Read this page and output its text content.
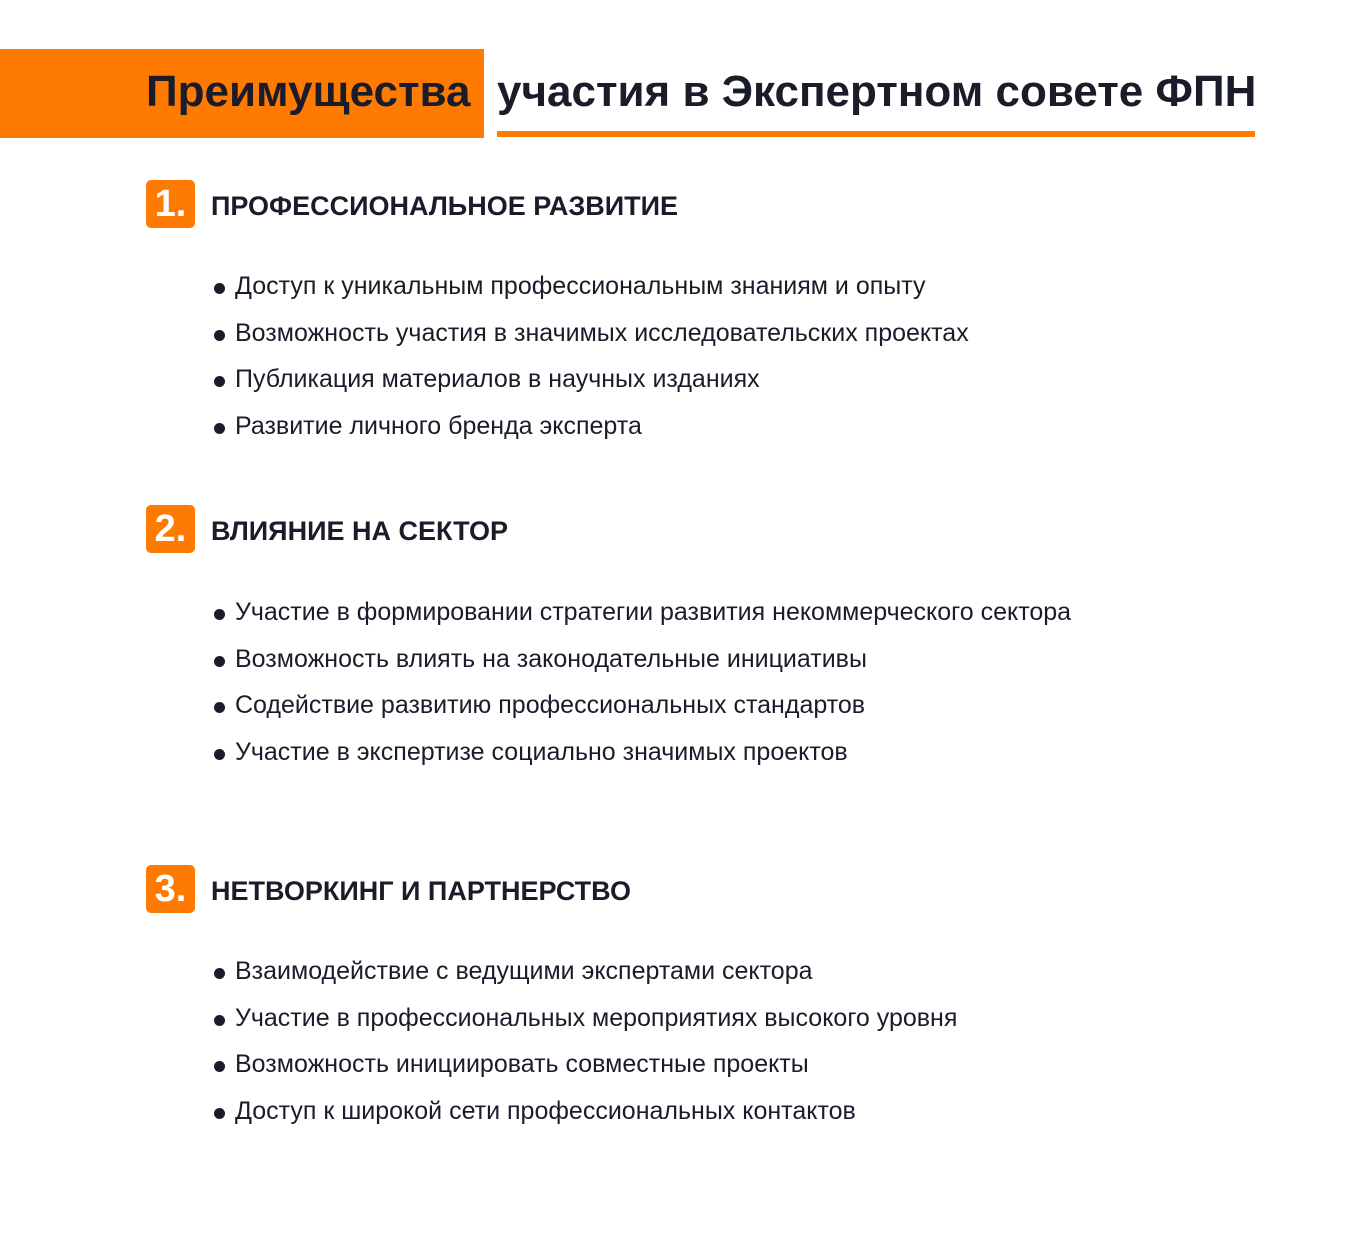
Преимущества участия в Экспертном совете ФПН
1. ПРОФЕССИОНАЛЬНОЕ РАЗВИТИЕ
Доступ к уникальным профессиональным знаниям и опыту
Возможность участия в значимых исследовательских проектах
Публикация материалов в научных изданиях
Развитие личного бренда эксперта
2. ВЛИЯНИЕ НА СЕКТОР
Участие в формировании стратегии развития некоммерческого сектора
Возможность влиять на законодательные инициативы
Содействие развитию профессиональных стандартов
Участие в экспертизе социально значимых проектов
3. НЕТВОРКИНГ И ПАРТНЕРСТВО
Взаимодействие с ведущими экспертами сектора
Участие в профессиональных мероприятиях высокого уровня
Возможность инициировать совместные проекты
Доступ к широкой сети профессиональных контактов
